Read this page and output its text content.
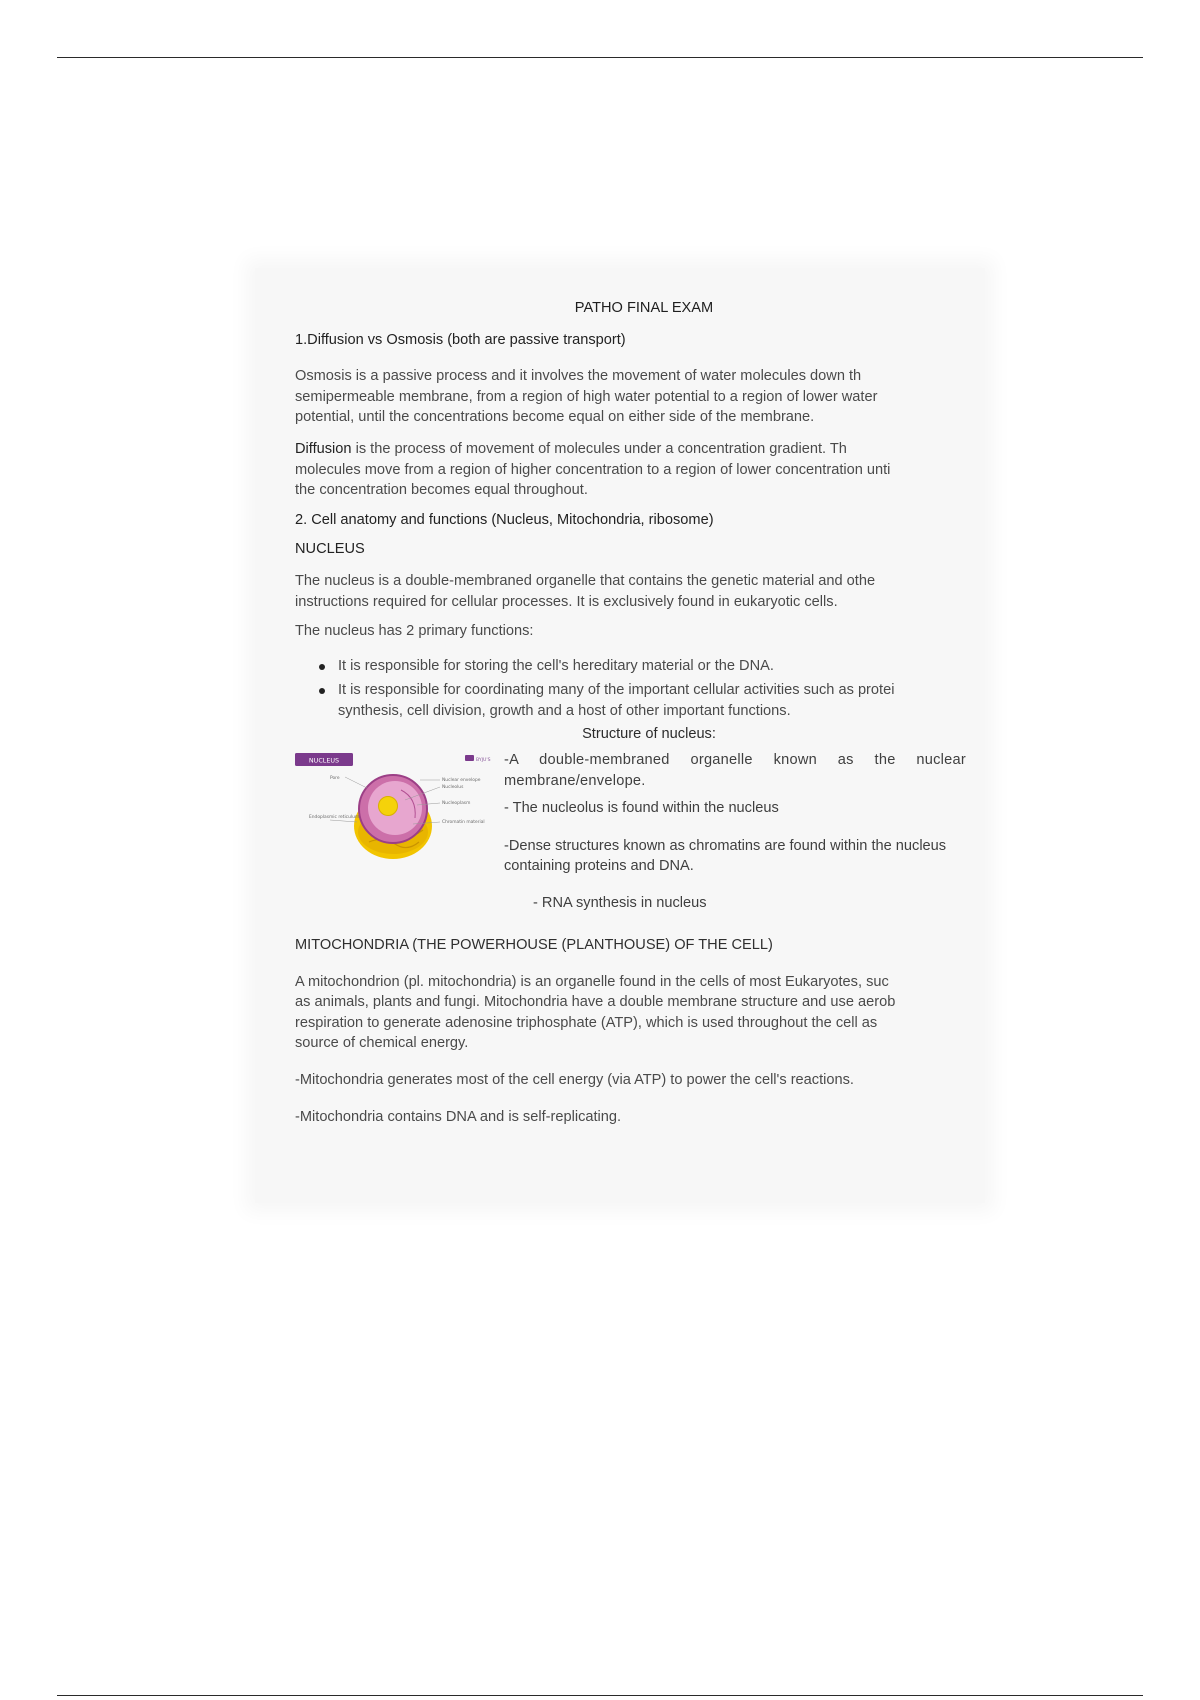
PATHO FINAL EXAM

1.Diffusion vs Osmosis (both are passive transport)

Osmosis is a passive process and it involves the movement of water molecules down th

semipermeable membrane, from a region of high water potential to a region of lower water

potential, until the concentrations become equal on either side of the membrane.

Diffusion is the process of movement of molecules under a concentration gradient. Th

molecules move from a region of higher concentration to a region of lower concentration unti

the concentration becomes equal throughout.

2. Cell anatomy and functions (Nucleus, Mitochondria, ribosome)

NUCLEUS

The nucleus is a double-membraned organelle that contains the genetic material and othe

instructions required for cellular processes. It is exclusively found in eukaryotic cells.

The nucleus has 2 primary functions:

It is responsible for storing the cell's hereditary material or the DNA.
It is responsible for coordinating many of the important cellular activities such as protei
synthesis, cell division, growth and a host of other important functions.

Structure of nucleus:

NUCLEUS	BYJU'S
Pore	Nuclear envelope
Nucleolus
Nucleoplasm
Endoplasmic reticulum
Chromatin material

-A double-membraned organelle known as the nuclear membrane/envelope.

- The nucleolus is found within the nucleus

-Dense structures known as chromatins are found within the nucleus containing proteins and DNA.

- RNA synthesis in nucleus

MITOCHONDRIA (THE POWERHOUSE (PLANTHOUSE) OF THE CELL)

A mitochondrion (pl. mitochondria) is an organelle found in the cells of most Eukaryotes, suc

as animals, plants and fungi. Mitochondria have a double membrane structure and use aerob

respiration to generate adenosine triphosphate (ATP), which is used throughout the cell as

source of chemical energy.

-Mitochondria generates most of the cell energy (via ATP) to power the cell's reactions.

-Mitochondria contains DNA and is self-replicating.
